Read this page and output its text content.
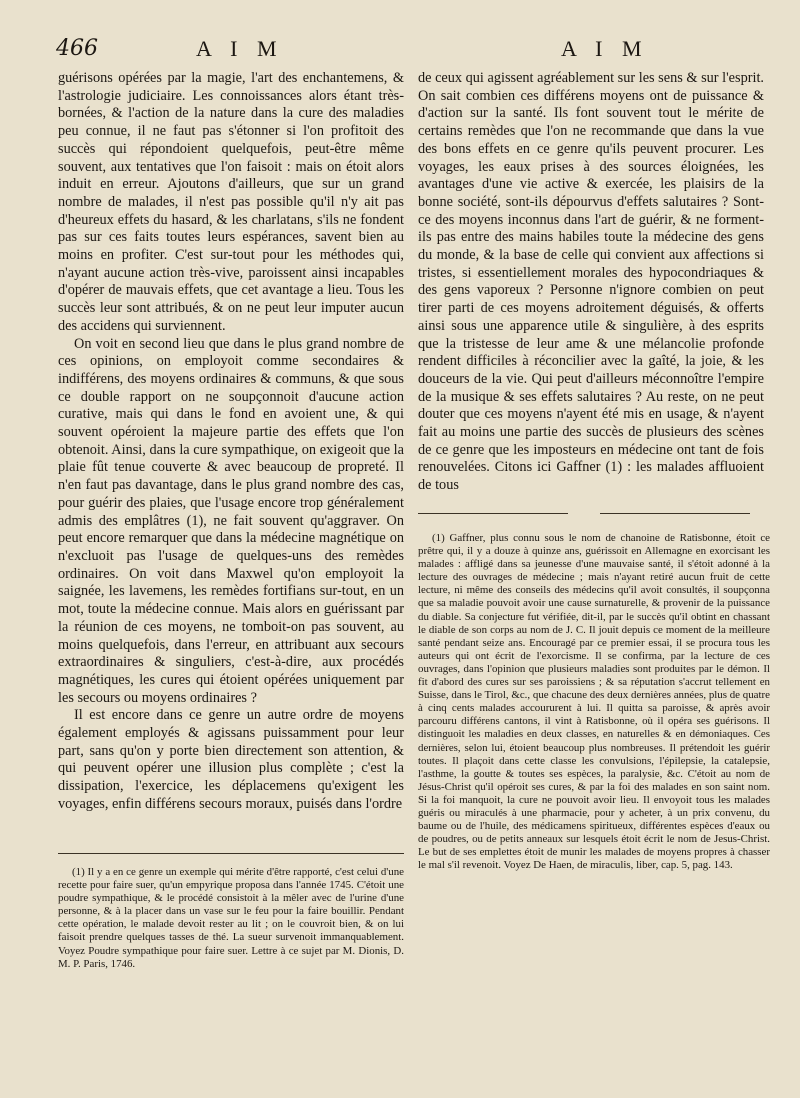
466	A I M	A I M

guérisons opérées par la magie, l'art des enchantemens, & l'astrologie judiciaire. Les connoissances alors étant très-bornées, & l'action de la nature dans la cure des maladies peu connue, il ne faut pas s'étonner si l'on profitoit des succès qui répondoient quelquefois, peut-être même souvent, aux tentatives que l'on faisoit : mais on étoit alors induit en erreur. Ajoutons d'ailleurs, que sur un grand nombre de malades, il n'est pas possible qu'il n'y ait pas d'heureux effets du hasard, & les charlatans, s'ils ne fondent pas sur ces faits toutes leurs espérances, savent bien au moins en profiter. C'est sur-tout pour les méthodes qui, n'ayant aucune action très-vive, paroissent ainsi incapables d'opérer de mauvais effets, que cet avantage a lieu. Tous les succès leur sont attribués, & on ne peut leur imputer aucun des accidens qui surviennent.

On voit en second lieu que dans le plus grand nombre de ces opinions, on employoit comme secondaires & indifférens, des moyens ordinaires & communs, & que sous ce double rapport on ne soupçonnoit d'aucune action curative, mais qui dans le fond en avoient une, & qui souvent opéroient la majeure partie des effets que l'on obtenoit. Ainsi, dans la cure sympathique, on exigeoit que la plaie fût tenue couverte & avec beaucoup de propreté. Il n'en faut pas davantage, dans le plus grand nombre des cas, pour guérir des plaies, que l'usage encore trop généralement admis des emplâtres (1), ne fait souvent qu'aggraver. On peut encore remarquer que dans la médecine magnétique on n'excluoit pas l'usage de quelques-uns des remèdes ordinaires. On voit dans Maxwel qu'on employoit la saignée, les lavemens, les remèdes fortifians sur-tout, en un mot, toute la médecine connue. Mais alors en guérissant par la réunion de ces moyens, ne tomboit-on pas souvent, au moins quelquefois, dans l'erreur, en attribuant aux secours extraordinaires & singuliers, c'est-à-dire, aux procédés magnétiques, les cures qui étoient opérées uniquement par les secours ou moyens ordinaires ?

Il est encore dans ce genre un autre ordre de moyens également employés & agissans puissamment pour leur part, sans qu'on y porte bien directement son attention, & qui peuvent opérer une illusion plus complète ; c'est la dissipation, l'exercice, les déplacemens qu'exigent les voyages, enfin différens secours moraux, puisés dans l'ordre

(1) Il y a en ce genre un exemple qui mérite d'être rapporté, c'est celui d'une recette pour faire suer, qu'un empyrique proposa dans l'année 1745. C'étoit une poudre sympathique, & le procédé consistoit à la mêler avec de l'urine d'une personne, & à la placer dans un vase sur le feu pour la faire bouillir. Pendant cette opération, le malade devoit rester au lit ; on le couvroit bien, & on lui faisoit prendre quelques tasses de thé. La sueur survenoit immanquablement. Voyez Poudre sympathique pour faire suer. Lettre à ce sujet par M. Dionis, D. M. P. Paris, 1746.

de ceux qui agissent agréablement sur les sens & sur l'esprit. On sait combien ces différens moyens ont de puissance & d'action sur la santé. Ils font souvent tout le mérite de certains remèdes que l'on ne recommande que dans la vue des bons effets en ce genre qu'ils peuvent procurer. Les voyages, les eaux prises à des sources éloignées, les avantages d'une vie active & exercée, les plaisirs de la bonne société, sont-ils dépourvus d'effets salutaires ? Sont-ce des moyens inconnus dans l'art de guérir, & ne forment-ils pas entre des mains habiles toute la médecine des gens du monde, & la base de celle qui convient aux affections si tristes, si essentiellement morales des hypocondriaques & des gens vaporeux ? Personne n'ignore combien on peut tirer parti de ces moyens adroitement déguisés, & offerts ainsi sous une apparence utile & singulière, à des esprits que la tristesse de leur ame & une mélancolie profonde rendent difficiles à réconcilier avec la gaîté, la joie, & les douceurs de la vie. Qui peut d'ailleurs méconnoître l'empire de la musique & ses effets salutaires ? Au reste, on ne peut douter que ces moyens n'ayent été mis en usage, & n'ayent fait au moins une partie des succès de plusieurs des scènes de ce genre que les imposteurs en médecine ont tant de fois renouvelées. Citons ici Gaffner (1) : les malades affluoient de tous

(1) Gaffner, plus connu sous le nom de chanoine de Ratisbonne, étoit ce prêtre qui, il y a douze à quinze ans, guérissoit en Allemagne en exorcisant les malades : affligé dans sa jeunesse d'une mauvaise santé, il s'étoit adonné à la lecture des ouvrages de médecine ; mais n'ayant retiré aucun fruit de cette lecture, ni même des conseils des médecins qu'il avoit consultés, il soupçonna que sa maladie pouvoit avoir une cause surnaturelle, & provenir de la puissance du diable. Sa conjecture fut vérifiée, dit-il, par le succès qu'il obtint en chassant le diable de son corps au nom de J. C. Il jouit depuis ce moment de la meilleure santé pendant seize ans. Encouragé par ce premier essai, il se procura tous les auteurs qui ont écrit de l'exorcisme. Il se confirma, par la lecture de ces ouvrages, dans l'opinion que plusieurs maladies sont produites par le démon. Il fit d'abord des cures sur ses paroissiens ; & sa réputation s'accrut tellement en Suisse, dans le Tirol, &c., que chacune des deux dernières années, plus de quatre à cinq cents malades accoururent à lui. Il quitta sa paroisse, & après avoir parcouru différens cantons, il vint à Ratisbonne, où il opéra ses guérisons. Il distinguoit les maladies en deux classes, en naturelles & en démoniaques. Ces dernières, selon lui, étoient beaucoup plus nombreuses. Il prétendoit les guérir toutes. Il plaçoit dans cette classe les convulsions, l'épilepsie, la catalepsie, l'asthme, la goutte & toutes ses espèces, la paralysie, &c. C'étoit au nom de Jésus-Christ qu'il opéroit ses cures, & par la foi des malades en son saint nom. Si la foi manquoit, la cure ne pouvoit avoir lieu. Il envoyoit tous les malades guéris ou miraculés à une pharmacie, pour y acheter, à un prix convenu, du baume ou de l'huile, des médicamens spiritueux, différentes espèces d'eaux ou de poudres, ou de petits anneaux sur lesquels étoit écrit le nom de Jesus-Christ. Le but de ses emplettes étoit de munir les malades de moyens propres à chasser le mal s'il revenoit. Voyez De Haen, de miraculis, liber, cap. 5, pag. 143.
